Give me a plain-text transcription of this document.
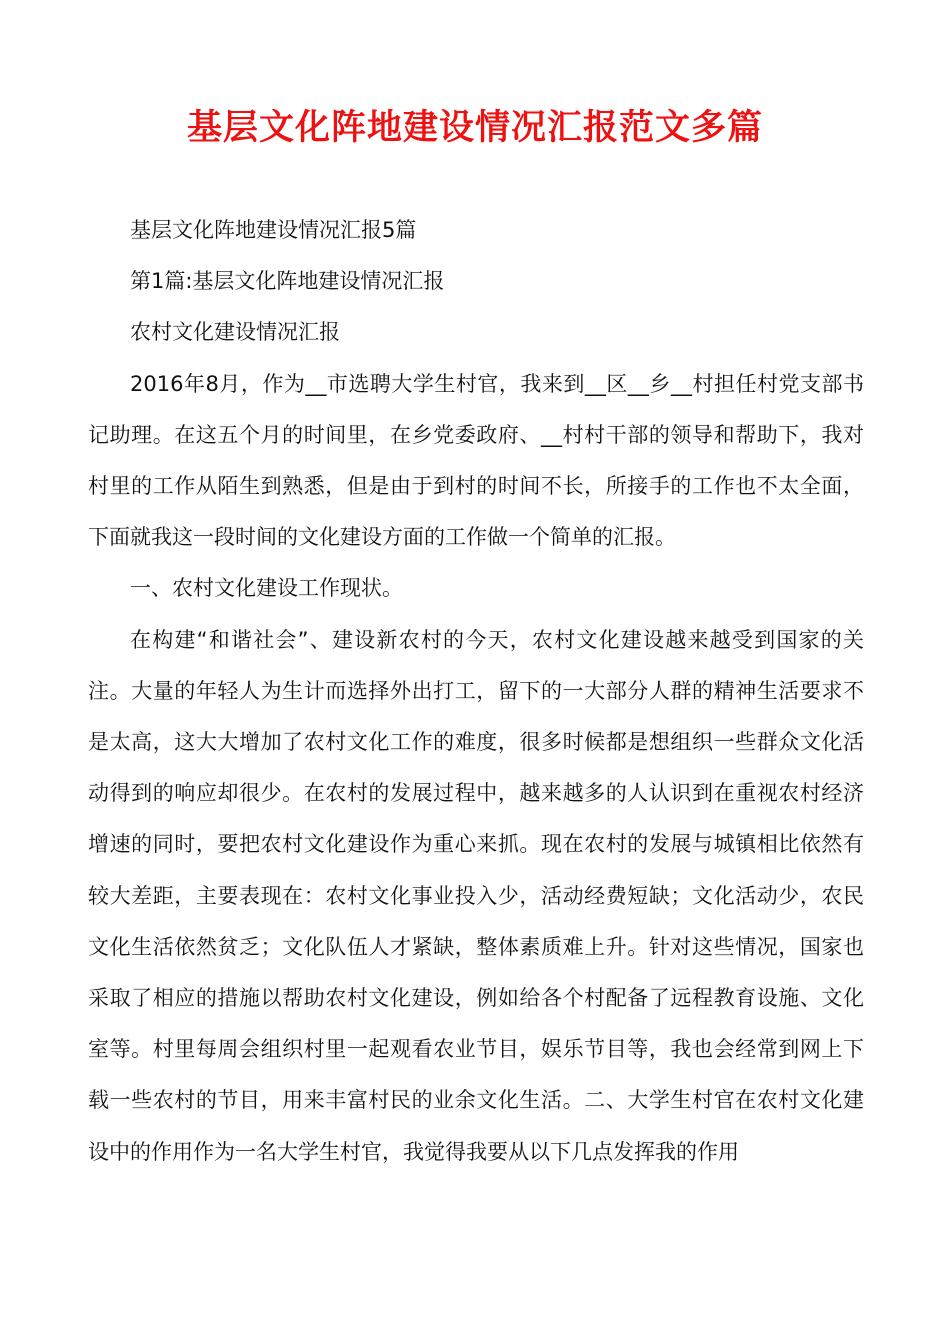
基层文化阵地建设情况汇报范文多篇

基层文化阵地建设情况汇报5篇

第1篇:基层文化阵地建设情况汇报

农村文化建设情况汇报

2016年8月，作为__市选聘大学生村官，我来到__区__乡__村担任村党支部书记助理。在这五个月的时间里，在乡党委政府、__村村干部的领导和帮助下，我对村里的工作从陌生到熟悉，但是由于到村的时间不长，所接手的工作也不太全面，下面就我这一段时间的文化建设方面的工作做一个简单的汇报。

一、农村文化建设工作现状。

在构建“和谐社会”、建设新农村的今天，农村文化建设越来越受到国家的关注。大量的年轻人为生计而选择外出打工，留下的一大部分人群的精神生活要求不是太高，这大大增加了农村文化工作的难度，很多时候都是想组织一些群众文化活动得到的响应却很少。在农村的发展过程中，越来越多的人认识到在重视农村经济增速的同时，要把农村文化建设作为重心来抓。现在农村的发展与城镇相比依然有较大差距，主要表现在：农村文化事业投入少，活动经费短缺；文化活动少，农民文化生活依然贫乏；文化队伍人才紧缺，整体素质难上升。针对这些情况，国家也采取了相应的措施以帮助农村文化建设，例如给各个村配备了远程教育设施、文化室等。村里每周会组织村里一起观看农业节目，娱乐节目等，我也会经常到网上下载一些农村的节目，用来丰富村民的业余文化生活。二、大学生村官在农村文化建设中的作用作为一名大学生村官，我觉得我要从以下几点发挥我的作用
